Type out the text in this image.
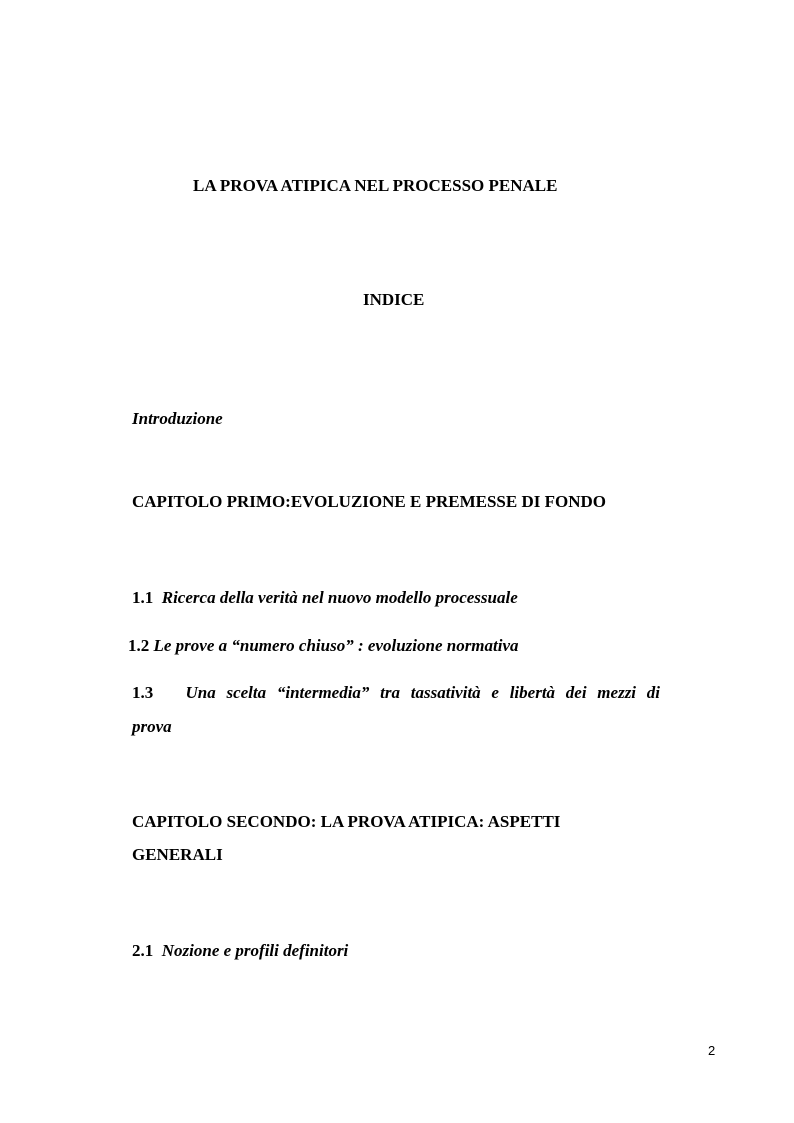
LA PROVA ATIPICA NEL PROCESSO PENALE
INDICE
Introduzione
CAPITOLO PRIMO:EVOLUZIONE E PREMESSE DI FONDO
1.1 Ricerca della verità nel nuovo modello processuale
1.2 Le prove a “numero chiuso” : evoluzione normativa
1.3 Una scelta “intermedia” tra tassatività e libertà dei mezzi di
prova
CAPITOLO SECONDO: LA PROVA ATIPICA: ASPETTI
GENERALI
2.1 Nozione e profili definitori
2
